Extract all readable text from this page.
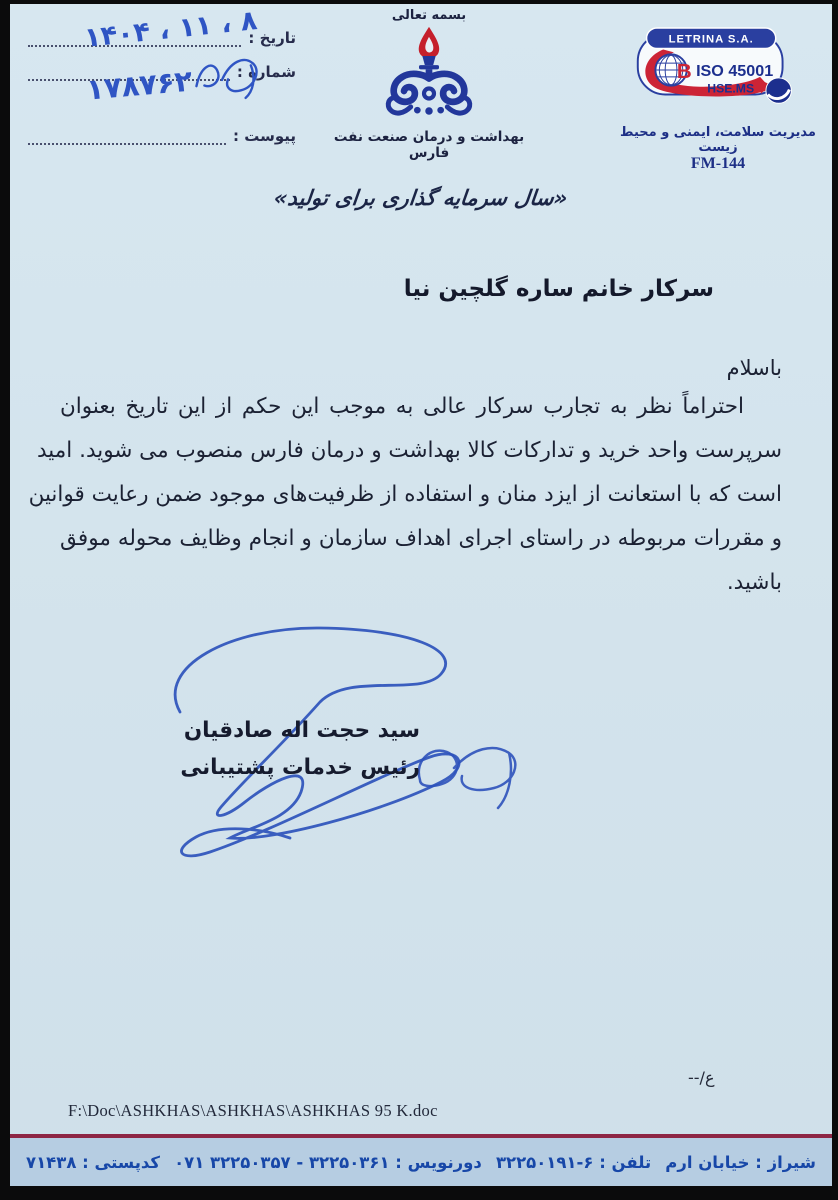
تاریخ :
شماره :
پیوست :
۱۴۰۴ ، ۱۱ ، ۸
۱۷۸۷۶۲
بسمه تعالی
بهداشت و درمان صنعت نفت فارس
LETRINA S.A.
B ISO 45001
HSE.MS
مدیریت سلامت، ایمنی و محیط زیست
FM-144
«سال سرمایه گذاری برای تولید»
سرکار خانم ساره گلچین نیا
باسلام
احتراماً نظر به تجارب سرکار عالی به موجب این حکم از این تاریخ بعنوان
سرپرست واحد خرید و تدارکات کالا بهداشت و درمان فارس منصوب می شوید. امید
است که با استعانت از ایزد منان و استفاده از ظرفیت‌های موجود ضمن رعایت قوانین
و مقررات مربوطه در راستای اجرای اهداف سازمان و انجام وظایف محوله موفق
باشید.
سید حجت اله صادقیان
رئیس خدمات پشتیبانی
ع/--
F:\Doc\ASHKHAS\ASHKHAS\ASHKHAS 95 K.doc
شیراز : خیابان ارم
تلفن : ۶-۳۲۲۵۰۱۹۱
دورنویس : ۳۲۲۵۰۳۶۱ - ۳۲۲۵۰۳۵۷ ۰۷۱
کدپستی : ۷۱۴۳۸
